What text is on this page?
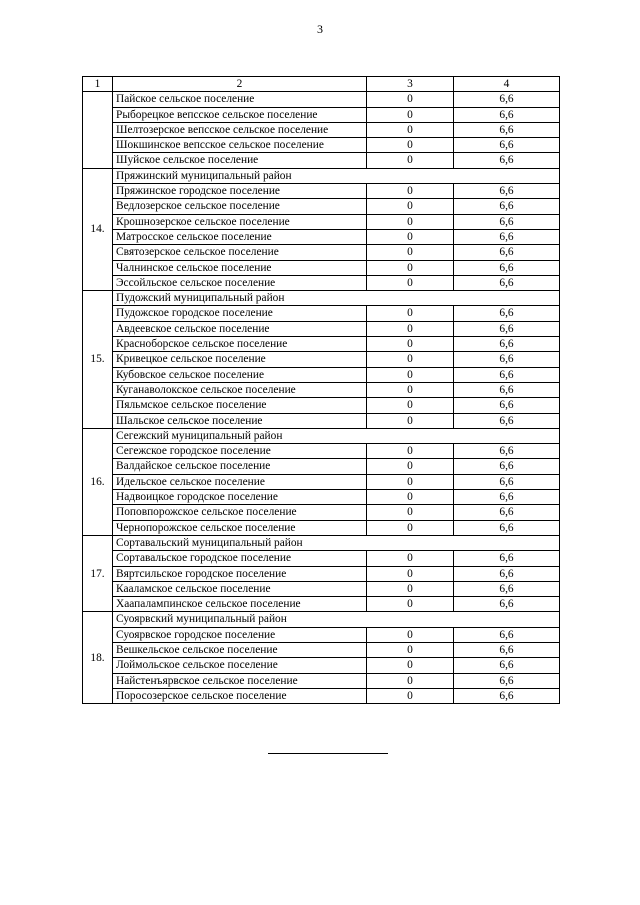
3
1	2	3	4
	Пайское сельское поселение	0	6,6
	Рыборецкое вепсское сельское поселение	0	6,6
	Шелтозерское вепсское сельское поселение	0	6,6
	Шокшинское вепсское сельское поселение	0	6,6
	Шуйское сельское поселение	0	6,6
14.	Пряжинский муниципальный район		
	Пряжинское городское поселение	0	6,6
	Ведлозерское сельское поселение	0	6,6
	Крошнозерское сельское поселение	0	6,6
	Матросское сельское поселение	0	6,6
	Святозерское сельское поселение	0	6,6
	Чалнинское сельское поселение	0	6,6
	Эссойльское сельское поселение	0	6,6
15.	Пудожский муниципальный район		
	Пудожское городское поселение	0	6,6
	Авдеевское сельское поселение	0	6,6
	Красноборское сельское поселение	0	6,6
	Кривецкое сельское поселение	0	6,6
	Кубовское сельское поселение	0	6,6
	Куганаволокское сельское поселение	0	6,6
	Пяльмское сельское поселение	0	6,6
	Шальское сельское поселение	0	6,6
16.	Сегежский муниципальный район		
	Сегежское городское поселение	0	6,6
	Валдайское сельское поселение	0	6,6
	Идельское сельское поселение	0	6,6
	Надвоицкое городское поселение	0	6,6
	Поповпорожское сельское поселение	0	6,6
	Чернопорожское сельское поселение	0	6,6
17.	Сортавальский муниципальный район		
	Сортавальское городское поселение	0	6,6
	Вяртсильское городское поселение	0	6,6
	Кааламское сельское поселение	0	6,6
	Хаапалампинское сельское поселение	0	6,6
18.	Суоярвский муниципальный район		
	Суоярвское городское поселение	0	6,6
	Вешкельское сельское поселение	0	6,6
	Лоймольское сельское поселение	0	6,6
	Найстенъярвское сельское поселение	0	6,6
	Поросозерское сельское поселение	0	6,6
